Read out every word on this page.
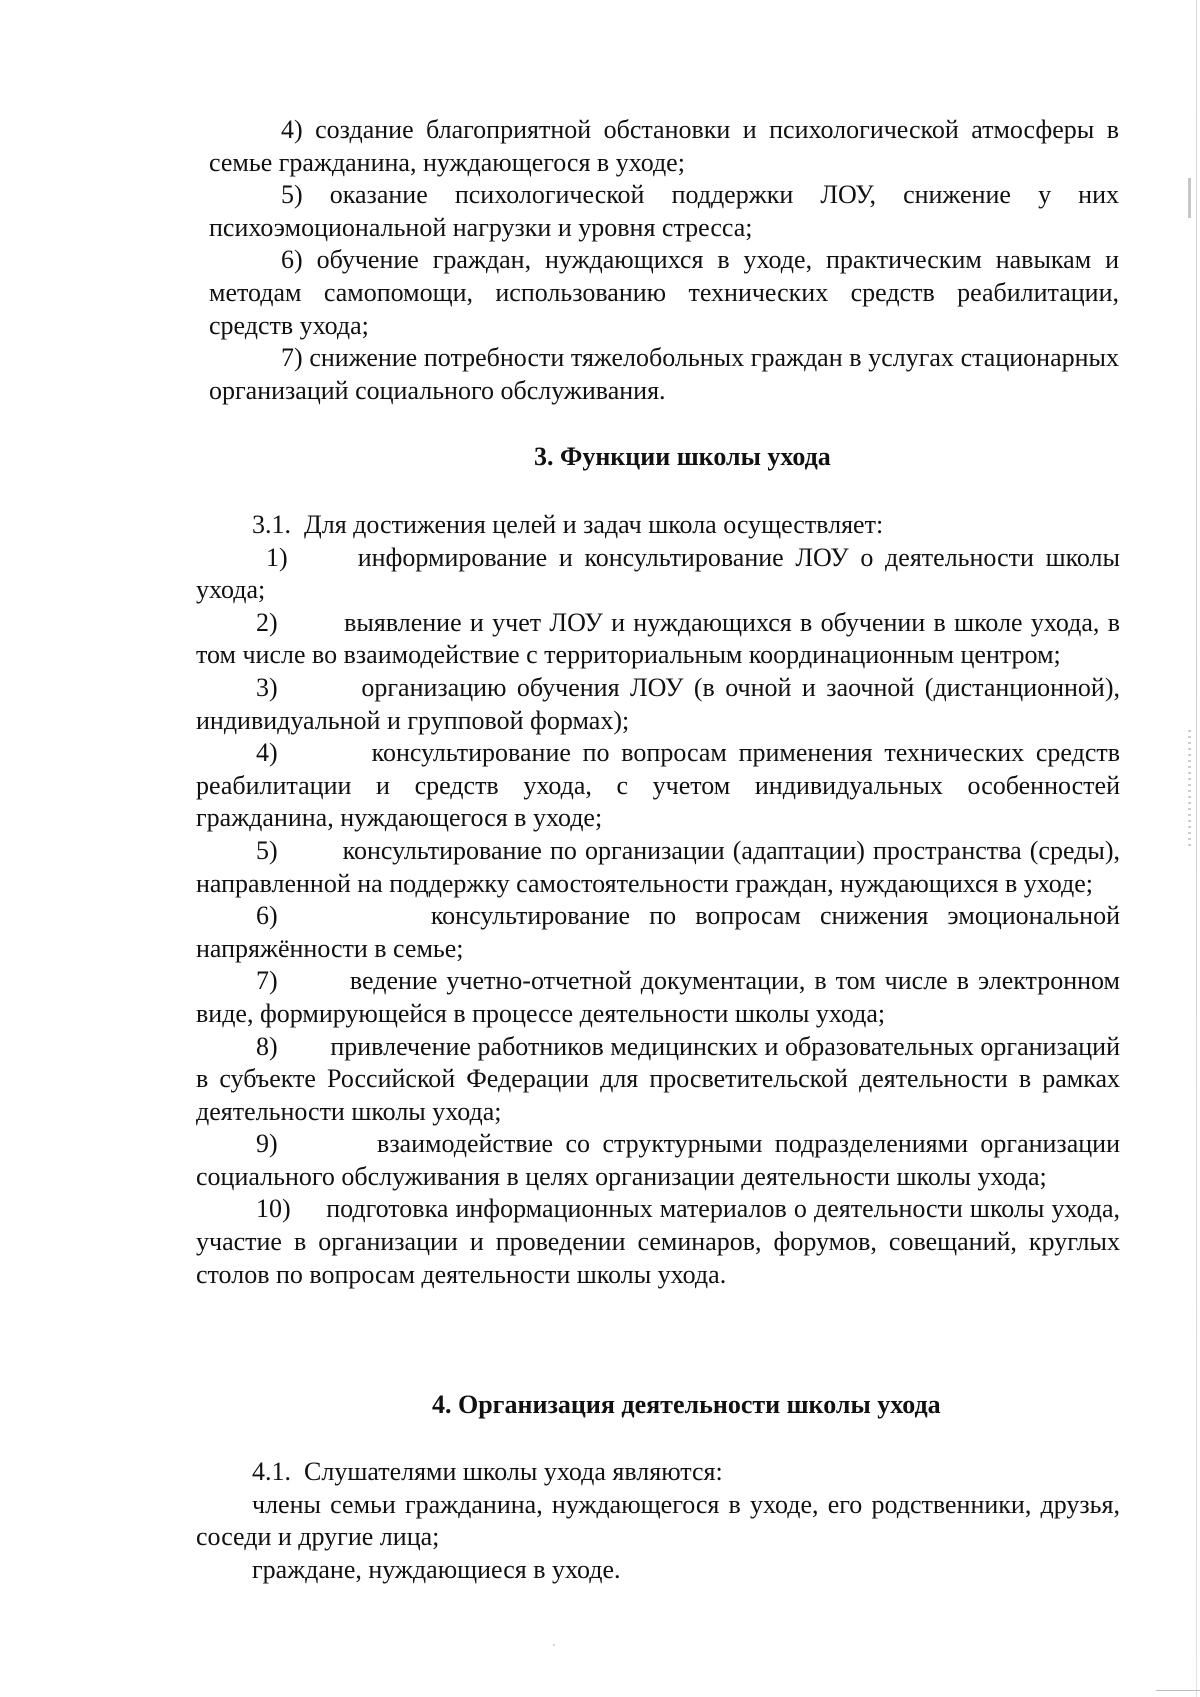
4) создание благоприятной обстановки и психологической атмосферы в семье гражданина, нуждающегося в уходе;

5) оказание психологической поддержки ЛОУ, снижение у них психоэмоциональной нагрузки и уровня стресса;

6) обучение граждан, нуждающихся в уходе, практическим навыкам и методам самопомощи, использованию технических средств реабилитации, средств ухода;

7) снижение потребности тяжелобольных граждан в услугах стационарных организаций социального обслуживания.

3. Функции школы ухода

3.1. Для достижения целей и задач школа осуществляет:

1)	информирование и консультирование ЛОУ о деятельности школы ухода;

2)	выявление и учет ЛОУ и нуждающихся в обучении в школе ухода, в том числе во взаимодействие с территориальным координационным центром;

3)	организацию обучения ЛОУ (в очной и заочной (дистанционной), индивидуальной и групповой формах);

4)	консультирование по вопросам применения технических средств реабилитации и средств ухода, с учетом индивидуальных особенностей гражданина, нуждающегося в уходе;

5) консультирование по организации (адаптации) пространства (среды), направленной на поддержку самостоятельности граждан, нуждающихся в уходе;

6)	консультирование по вопросам снижения эмоциональной напряжённости в семье;

7)	ведение учетно-отчетной документации, в том числе в электронном виде, формирующейся в процессе деятельности школы ухода;

8) привлечение работников медицинских и образовательных организаций в субъекте Российской Федерации для просветительской деятельности в рамках деятельности школы ухода;

9)	взаимодействие со структурными подразделениями организации социального обслуживания в целях организации деятельности школы ухода;

10) подготовка информационных материалов о деятельности школы ухода, участие в организации и проведении семинаров, форумов, совещаний, круглых столов по вопросам деятельности школы ухода.

4. Организация деятельности школы ухода

4.1. Слушателями школы ухода являются:

члены семьи гражданина, нуждающегося в уходе, его родственники, друзья, соседи и другие лица;

граждане, нуждающиеся в уходе.
